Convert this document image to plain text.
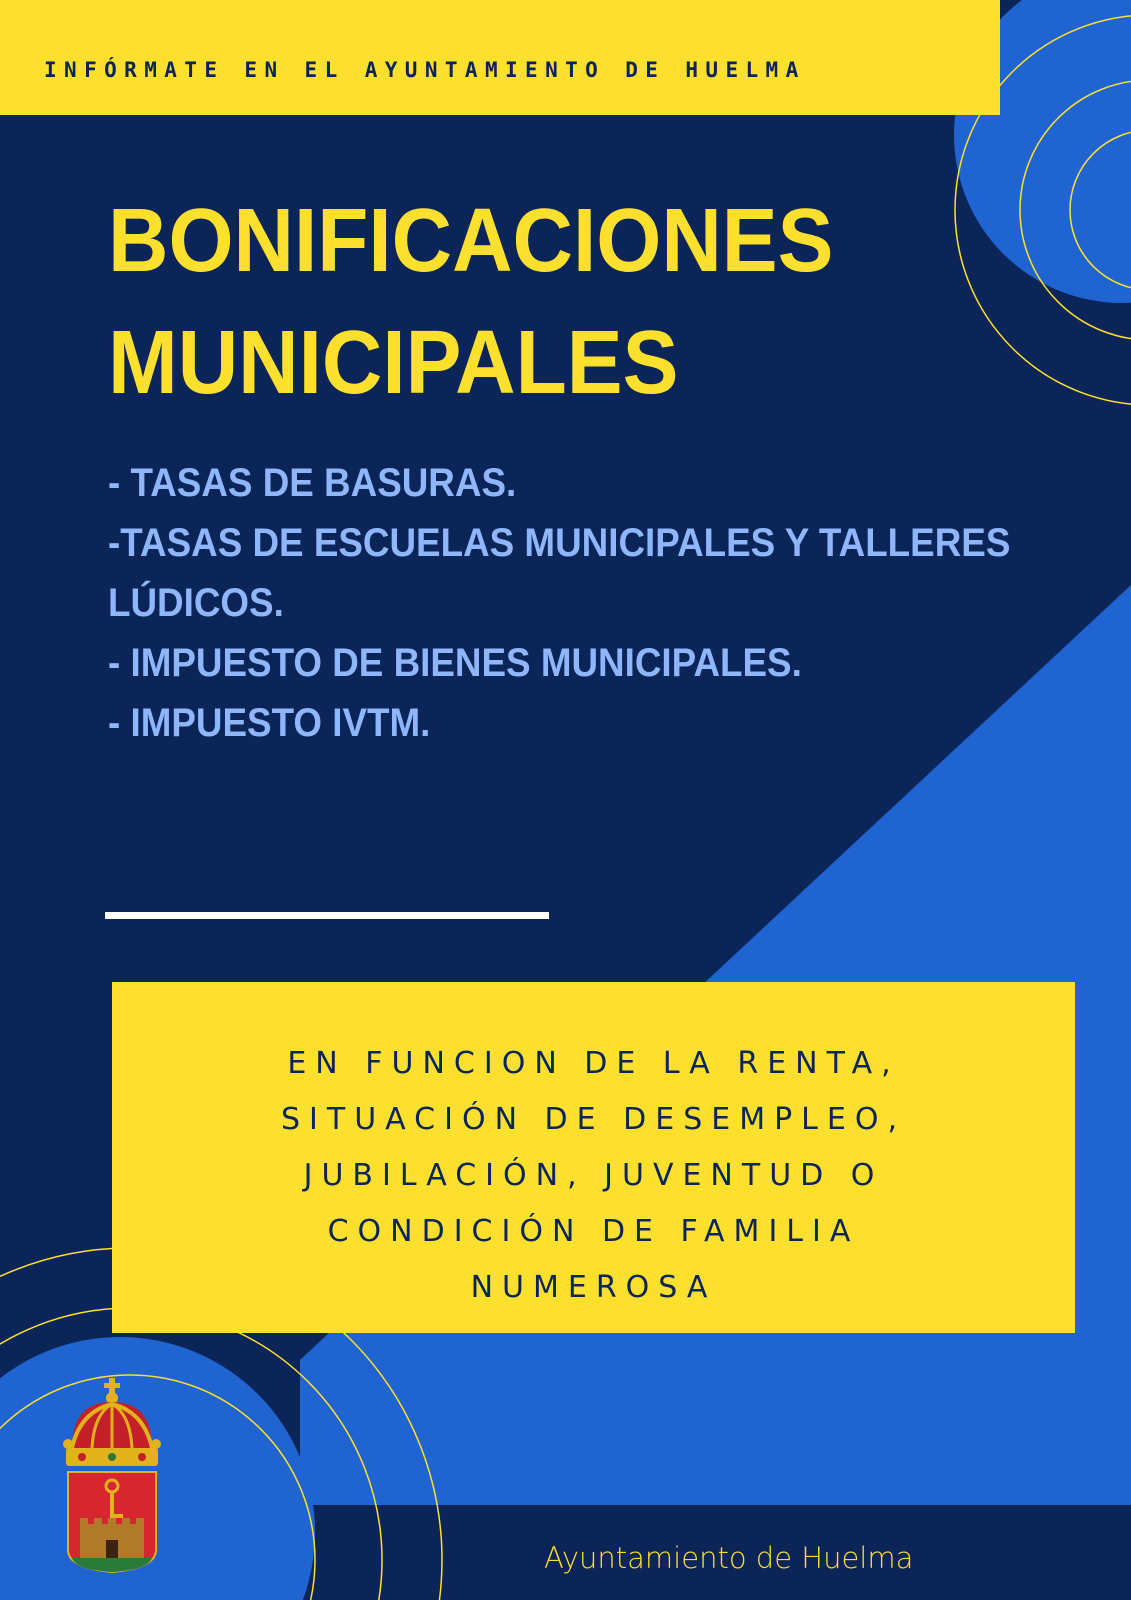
INFÓRMATE EN EL AYUNTAMIENTO DE HUELMA
BONIFICACIONES
MUNICIPALES
- TASAS DE BASURAS.
-TASAS DE ESCUELAS MUNICIPALES Y TALLERES
LÚDICOS.
- IMPUESTO DE BIENES MUNICIPALES.
- IMPUESTO IVTM.
EN FUNCION DE LA RENTA,
SITUACIÓN DE DESEMPLEO,
JUBILACIÓN, JUVENTUD O
CONDICIÓN DE FAMILIA
NUMEROSA
Ayuntamiento de Huelma
